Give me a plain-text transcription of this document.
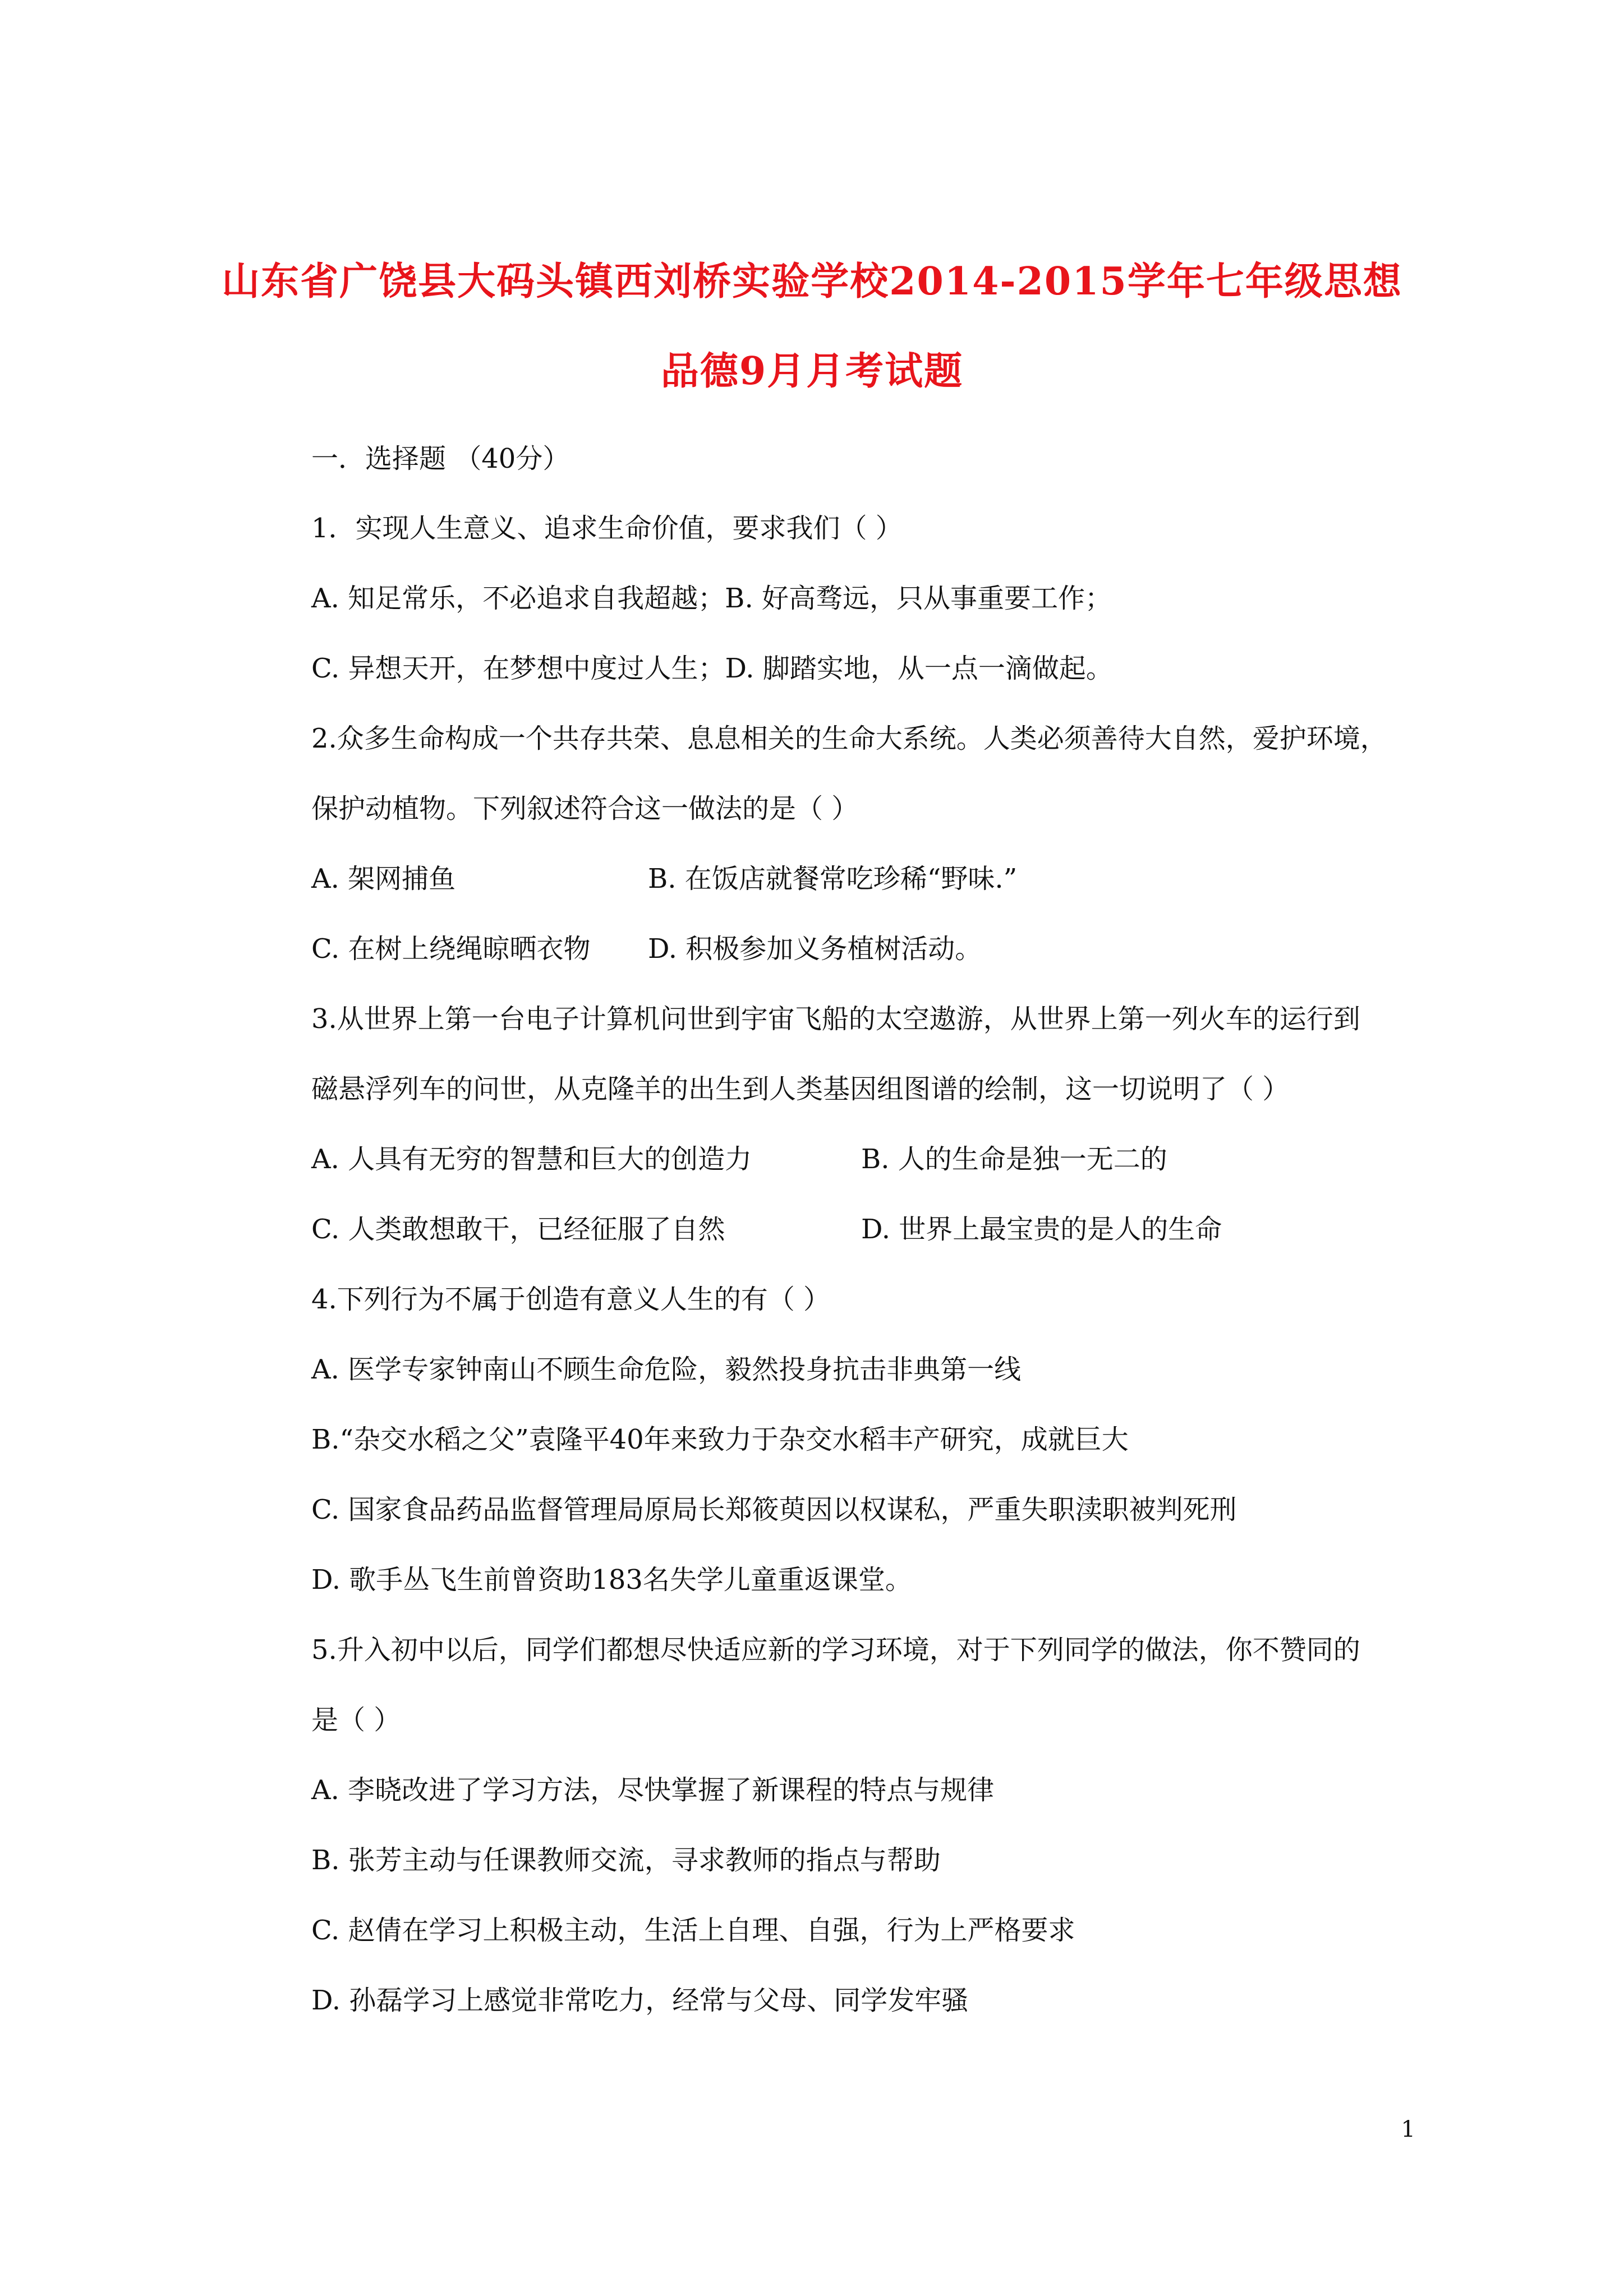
山东省广饶县大码头镇西刘桥实验学校2014-2015学年七年级思想
品德9月月考试题
一．选择题 （40分）
1．实现人生意义、追求生命价值，要求我们（ ）
A. 知足常乐，不必追求自我超越；B. 好高骛远，只从事重要工作；
C. 异想天开，在梦想中度过人生；D. 脚踏实地，从一点一滴做起。
2.众多生命构成一个共存共荣、息息相关的生命大系统。人类必须善待大自然，爱护环境，
保护动植物。下列叙述符合这一做法的是（ ）
A. 架网捕鱼	B. 在饭店就餐常吃珍稀“野味.”
C. 在树上绕绳晾晒衣物 D. 积极参加义务植树活动。
3.从世界上第一台电子计算机问世到宇宙飞船的太空遨游，从世界上第一列火车的运行到
磁悬浮列车的问世，从克隆羊的出生到人类基因组图谱的绘制，这一切说明了（ ）
A. 人具有无穷的智慧和巨大的创造力	B. 人的生命是独一无二的
C. 人类敢想敢干，已经征服了自然	D. 世界上最宝贵的是人的生命
4.下列行为不属于创造有意义人生的有（ ）
A. 医学专家钟南山不顾生命危险，毅然投身抗击非典第一线
B.“杂交水稻之父”袁隆平40年来致力于杂交水稻丰产研究，成就巨大
C. 国家食品药品监督管理局原局长郑筱萸因以权谋私，严重失职渎职被判死刑
D. 歌手丛飞生前曾资助183名失学儿童重返课堂。
5.升入初中以后，同学们都想尽快适应新的学习环境，对于下列同学的做法，你不赞同的
是（ ）
A. 李晓改进了学习方法，尽快掌握了新课程的特点与规律
B. 张芳主动与任课教师交流，寻求教师的指点与帮助
C. 赵倩在学习上积极主动，生活上自理、自强，行为上严格要求
D. 孙磊学习上感觉非常吃力，经常与父母、同学发牢骚
1
